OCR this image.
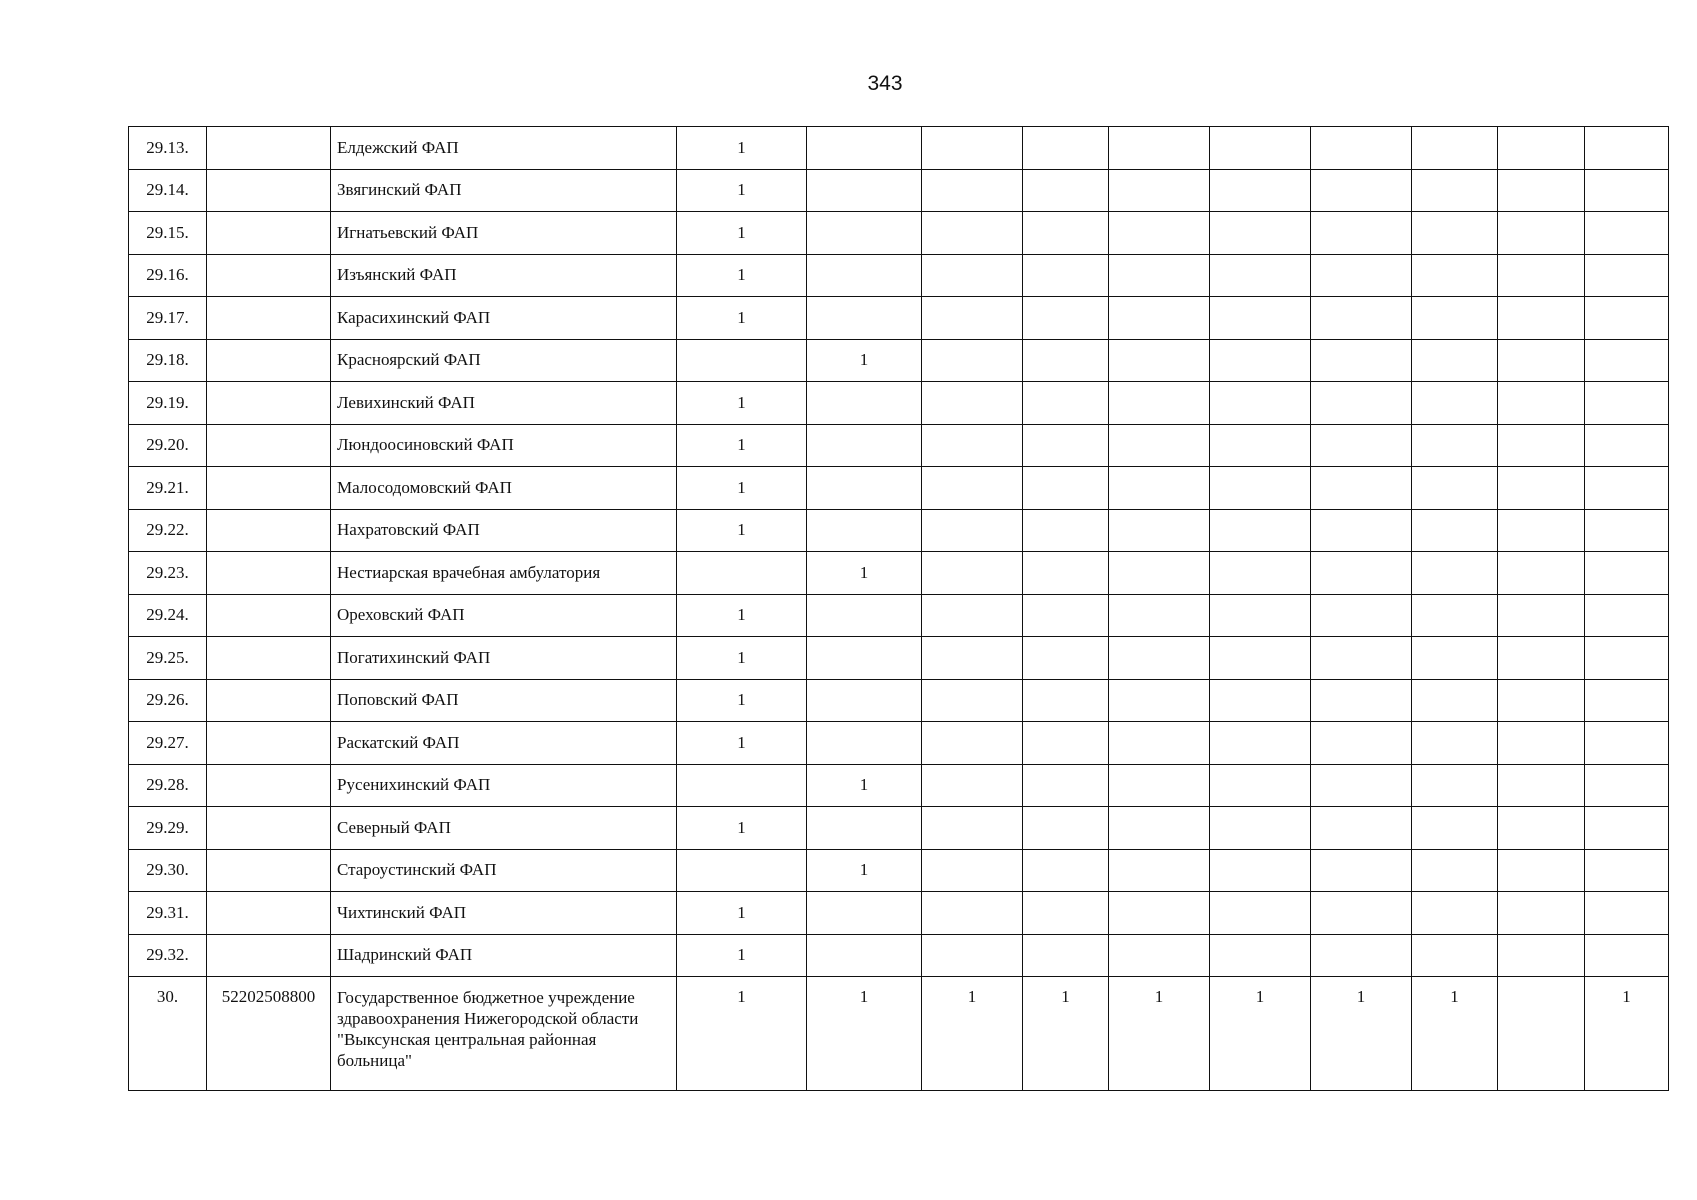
343
29.13.		Елдежский ФАП	1									
29.14.		Звягинский ФАП	1									
29.15.		Игнатьевский ФАП	1									
29.16.		Изъянский ФАП	1									
29.17.		Карасихинский ФАП	1									
29.18.		Красноярский ФАП		1								
29.19.		Левихинский ФАП	1									
29.20.		Люндоосиновский ФАП	1									
29.21.		Малосодомовский ФАП	1									
29.22.		Нахратовский ФАП	1									
29.23.		Нестиарская врачебная амбулатория		1								
29.24.		Ореховский ФАП	1									
29.25.		Погатихинский ФАП	1									
29.26.		Поповский ФАП	1									
29.27.		Раскатский ФАП	1									
29.28.		Русенихинский ФАП		1								
29.29.		Северный ФАП	1									
29.30.		Староустинский ФАП		1								
29.31.		Чихтинский ФАП	1									
29.32.		Шадринский ФАП	1									
30.	52202508800	Государственное бюджетное учреждение здравоохранения Нижегородской области "Выксунская центральная районная больница"	1	1	1	1	1	1	1	1		1
